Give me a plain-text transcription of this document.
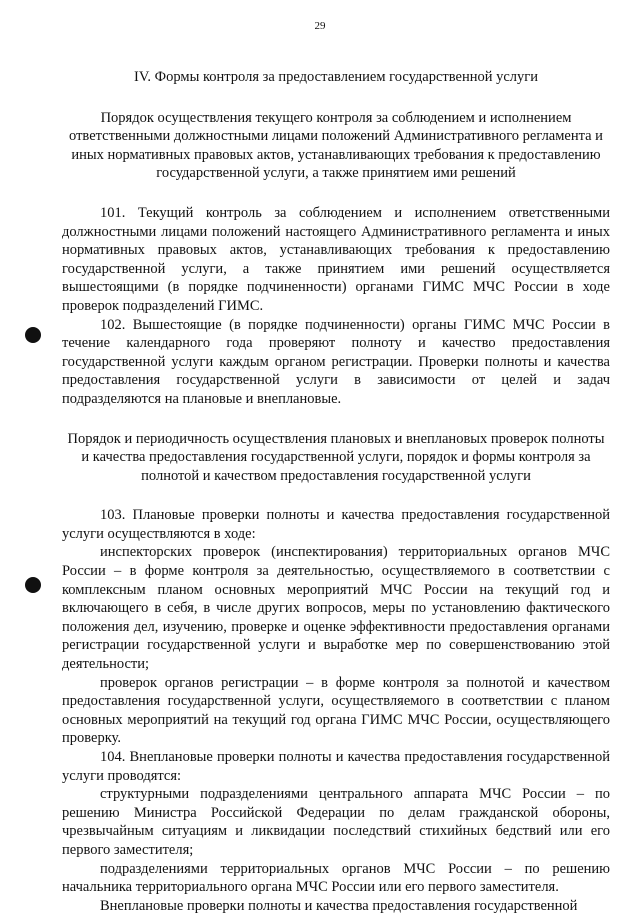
29
IV. Формы контроля за предоставлением государственной услуги
Порядок осуществления текущего контроля за соблюдением и исполнением ответственными должностными лицами положений Административного регламента и иных нормативных правовых актов, устанавливающих требования к предоставлению государственной услуги, а также принятием ими решений

101. Текущий контроль за соблюдением и исполнением ответственными должностными лицами положений настоящего Административного регламента и иных нормативных правовых актов, устанавливающих требования к предоставлению государственной услуги, а также принятием ими решений осуществляется вышестоящими (в порядке подчиненности) органами ГИМС МЧС России в ходе проверок подразделений ГИМС.

102. Вышестоящие (в порядке подчиненности) органы ГИМС МЧС России в течение календарного года проверяют полноту и качество предоставления государственной услуги каждым органом регистрации. Проверки полноты и качества предоставления государственной услуги в зависимости от целей и задач подразделяются на плановые и внеплановые.

Порядок и периодичность осуществления плановых и внеплановых проверок полноты и качества предоставления государственной услуги, порядок и формы контроля за полнотой и качеством предоставления государственной услуги

103. Плановые проверки полноты и качества предоставления государственной услуги осуществляются в ходе:

инспекторских проверок (инспектирования) территориальных органов МЧС России – в форме контроля за деятельностью, осуществляемого в соответствии с комплексным планом основных мероприятий МЧС России на текущий год и включающего в себя, в числе других вопросов, меры по установлению фактического положения дел, изучению, проверке и оценке эффективности предоставления органами регистрации государственной услуги и выработке мер по совершенствованию этой деятельности;

проверок органов регистрации – в форме контроля за полнотой и качеством предоставления государственной услуги, осуществляемого в соответствии с планом основных мероприятий на текущий год органа ГИМС МЧС России, осуществляющего проверку.

104. Внеплановые проверки полноты и качества предоставления государственной услуги проводятся:

структурными подразделениями центрального аппарата МЧС России – по решению Министра Российской Федерации по делам гражданской обороны, чрезвычайным ситуациям и ликвидации последствий стихийных бедствий или его первого заместителя;

подразделениями территориальных органов МЧС России – по решению начальника территориального органа МЧС России или его первого заместителя.

Внеплановые проверки полноты и качества предоставления государственной
